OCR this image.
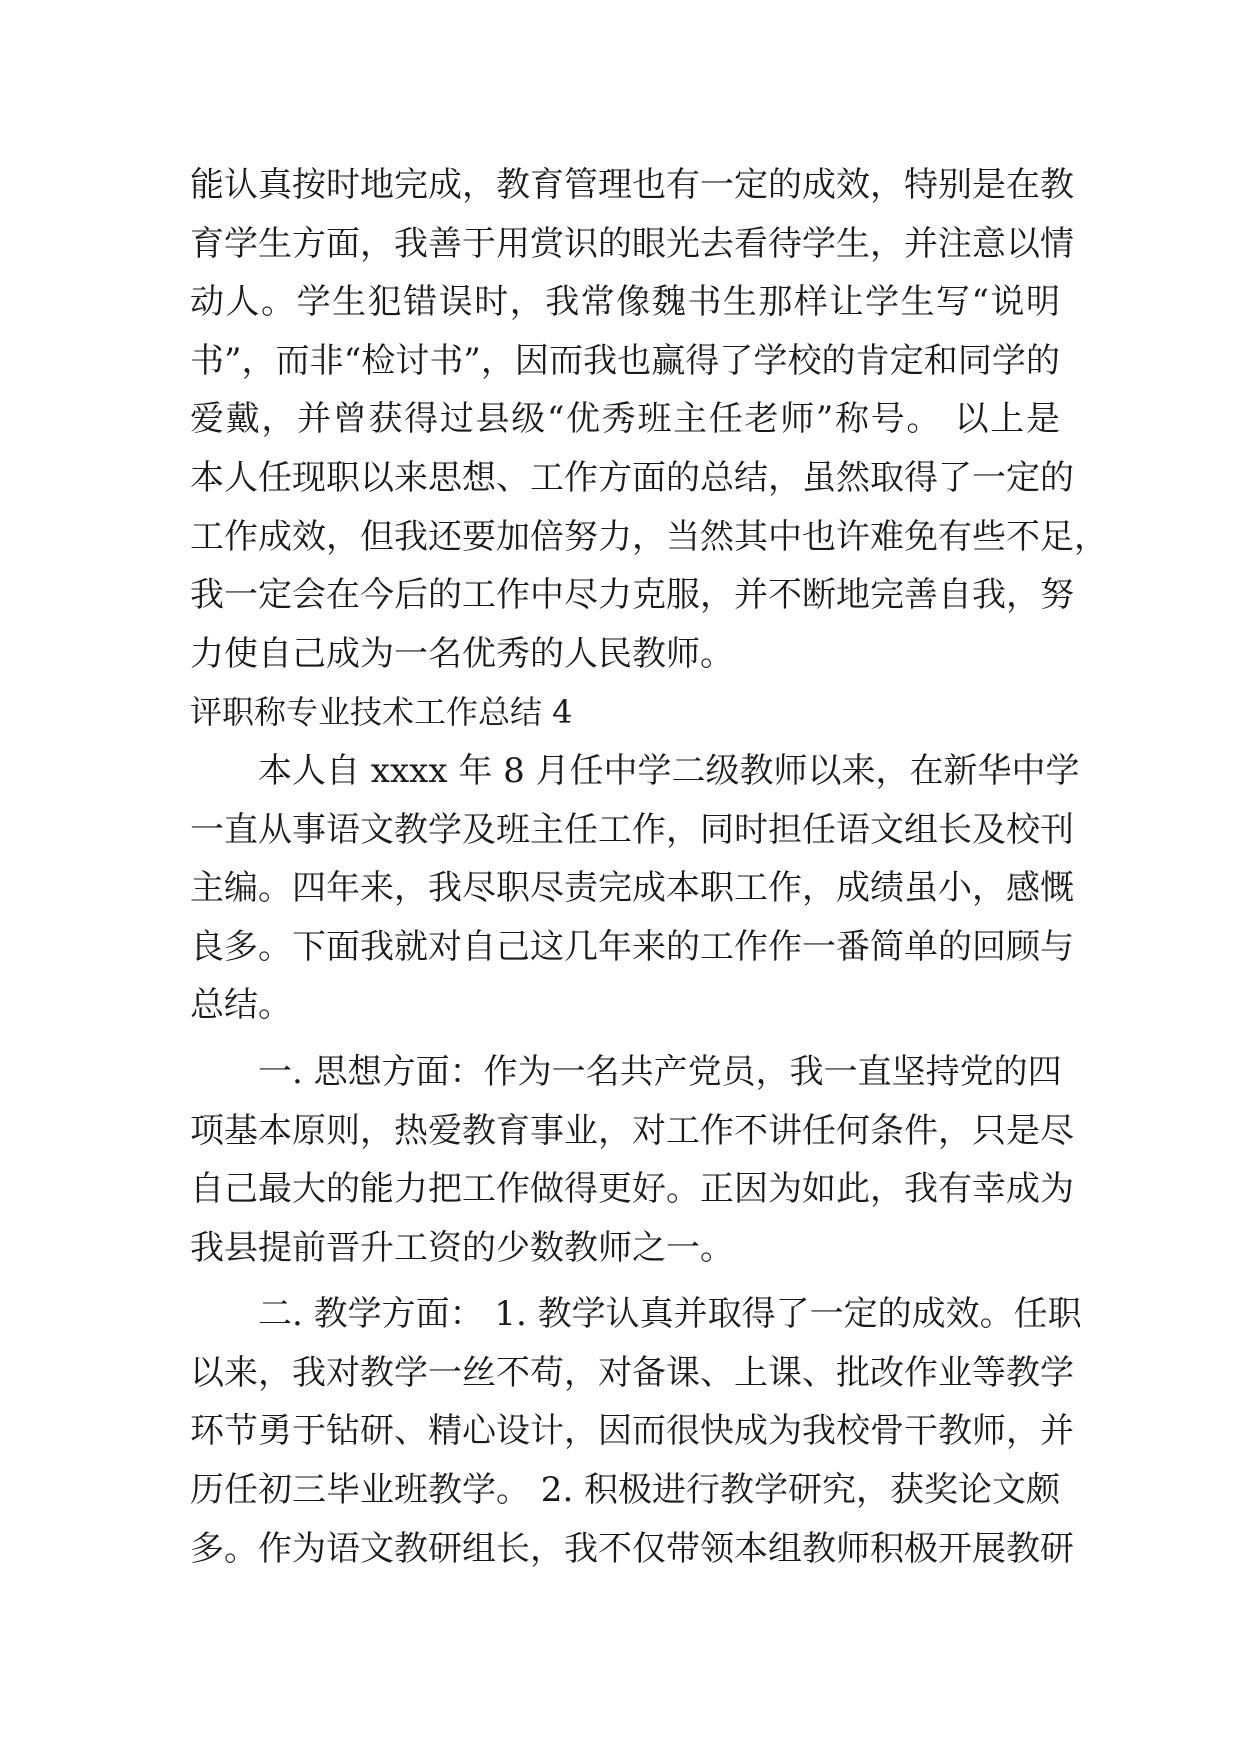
能认真按时地完成，教育管理也有一定的成效，特别是在教
育学生方面，我善于用赏识的眼光去看待学生，并注意以情
动人。学生犯错误时，我常像魏书生那样让学生写“说明
书”，而非“检讨书”，因而我也赢得了学校的肯定和同学的
爱戴，并曾获得过县级“优秀班主任老师”称号。 以上是
本人任现职以来思想、工作方面的总结，虽然取得了一定的
工作成效，但我还要加倍努力，当然其中也许难免有些不足，
我一定会在今后的工作中尽力克服，并不断地完善自我，努
力使自己成为一名优秀的人民教师。
评职称专业技术工作总结 4
　　本人自 xxxx 年 8 月任中学二级教师以来，在新华中学
一直从事语文教学及班主任工作，同时担任语文组长及校刊
主编。四年来，我尽职尽责完成本职工作，成绩虽小，感慨
良多。下面我就对自己这几年来的工作作一番简单的回顾与
总结。
　　一. 思想方面：作为一名共产党员，我一直坚持党的四
项基本原则，热爱教育事业，对工作不讲任何条件，只是尽
自己最大的能力把工作做得更好。正因为如此，我有幸成为
我县提前晋升工资的少数教师之一。
　　二. 教学方面： 1. 教学认真并取得了一定的成效。任职
以来，我对教学一丝不苟，对备课、上课、批改作业等教学
环节勇于钻研、精心设计，因而很快成为我校骨干教师，并
历任初三毕业班教学。 2. 积极进行教学研究，获奖论文颇
多。作为语文教研组长，我不仅带领本组教师积极开展教研
